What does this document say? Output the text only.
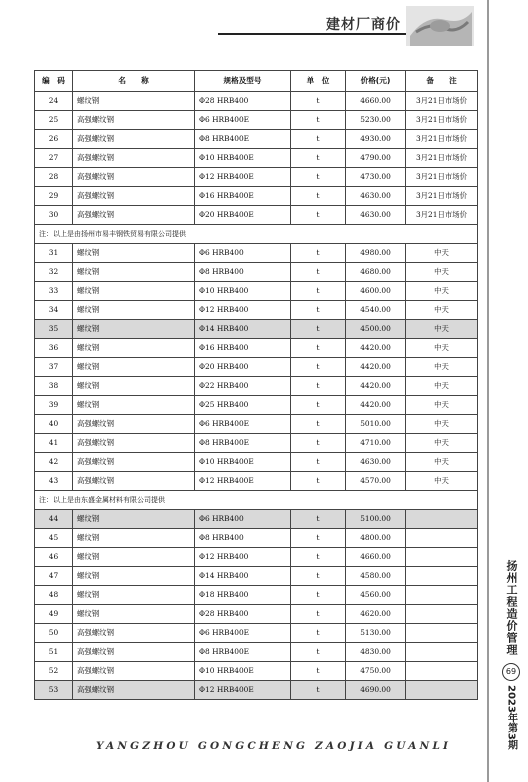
建材厂商价
编　码	名　　称	规格及型号	单　位	价格(元)	备　　注
24	螺纹钢	Φ28 HRB400	t	4660.00	3月21日市场价
25	高强螺纹钢	Φ6 HRB400E	t	5230.00	3月21日市场价
26	高强螺纹钢	Φ8 HRB400E	t	4930.00	3月21日市场价
27	高强螺纹钢	Φ10 HRB400E	t	4790.00	3月21日市场价
28	高强螺纹钢	Φ12 HRB400E	t	4730.00	3月21日市场价
29	高强螺纹钢	Φ16 HRB400E	t	4630.00	3月21日市场价
30	高强螺纹钢	Φ20 HRB400E	t	4630.00	3月21日市场价
注：以上是由扬州市易丰钢铁贸易有限公司提供					
31	螺纹钢	Φ6 HRB400	t	4980.00	中天
32	螺纹钢	Φ8 HRB400	t	4680.00	中天
33	螺纹钢	Φ10 HRB400	t	4600.00	中天
34	螺纹钢	Φ12 HRB400	t	4540.00	中天
35	螺纹钢	Φ14 HRB400	t	4500.00	中天
36	螺纹钢	Φ16 HRB400	t	4420.00	中天
37	螺纹钢	Φ20 HRB400	t	4420.00	中天
38	螺纹钢	Φ22 HRB400	t	4420.00	中天
39	螺纹钢	Φ25 HRB400	t	4420.00	中天
40	高强螺纹钢	Φ6 HRB400E	t	5010.00	中天
41	高强螺纹钢	Φ8 HRB400E	t	4710.00	中天
42	高强螺纹钢	Φ10 HRB400E	t	4630.00	中天
43	高强螺纹钢	Φ12 HRB400E	t	4570.00	中天
注：以上是由东盛金属材料有限公司提供					
44	螺纹钢	Φ6 HRB400	t	5100.00	
45	螺纹钢	Φ8 HRB400	t	4800.00	
46	螺纹钢	Φ12 HRB400	t	4660.00	
47	螺纹钢	Φ14 HRB400	t	4580.00	
48	螺纹钢	Φ18 HRB400	t	4560.00	
49	螺纹钢	Φ28 HRB400	t	4620.00	
50	高强螺纹钢	Φ6 HRB400E	t	5130.00	
51	高强螺纹钢	Φ8 HRB400E	t	4830.00	
52	高强螺纹钢	Φ10 HRB400E	t	4750.00	
53	高强螺纹钢	Φ12 HRB400E	t	4690.00	
扬州工程造价管理
69
2023年第3期
YANGZHOU GONGCHENG ZAOJIA GUANLI
